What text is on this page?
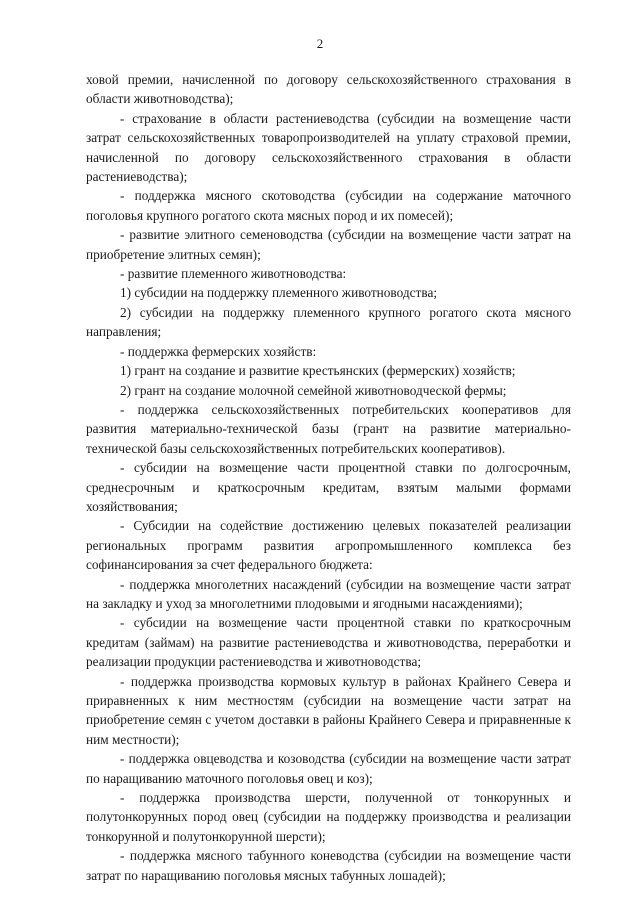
2

ховой премии, начисленной по договору сельскохозяйственного страхования в области животноводства);

- страхование в области растениеводства (субсидии на возмещение части затрат сельскохозяйственных товаропроизводителей на уплату страховой премии, начисленной по договору сельскохозяйственного страхования в области растениеводства);

- поддержка мясного скотоводства (субсидии на содержание маточного поголовья крупного рогатого скота мясных пород и их помесей);

- развитие элитного семеноводства (субсидии на возмещение части затрат на приобретение элитных семян);

- развитие племенного животноводства:

1) субсидии на поддержку племенного животноводства;

2) субсидии на поддержку племенного крупного рогатого скота мясного направления;

- поддержка фермерских хозяйств:

1) грант на создание и развитие крестьянских (фермерских) хозяйств;

2) грант на создание молочной семейной животноводческой фермы;

- поддержка сельскохозяйственных потребительских кооперативов для развития материально-технической базы (грант на развитие материально-технической базы сельскохозяйственных потребительских кооперативов).

- субсидии на возмещение части процентной ставки по долгосрочным, среднесрочным и краткосрочным кредитам, взятым малыми формами хозяйствования;

- Субсидии на содействие достижению целевых показателей реализации региональных программ развития агропромышленного комплекса без софинансирования за счет федерального бюджета:

- поддержка многолетних насаждений (субсидии на возмещение части затрат на закладку и уход за многолетними плодовыми и ягодными насаждениями);

- субсидии на возмещение части процентной ставки по краткосрочным кредитам (займам) на развитие растениеводства и животноводства, переработки и реализации продукции растениеводства и животноводства;

- поддержка производства кормовых культур в районах Крайнего Севера и приравненных к ним местностям (субсидии на возмещение части затрат на приобретение семян с учетом доставки в районы Крайнего Севера и приравненные к ним местности);

- поддержка овцеводства и козоводства (субсидии на возмещение части затрат по наращиванию маточного поголовья овец и коз);

- поддержка производства шерсти, полученной от тонкорунных и полутонкорунных пород овец (субсидии на поддержку производства и реализации тонкорунной и полутонкорунной шерсти);

- поддержка мясного табунного коневодства (субсидии на возмещение части затрат по наращиванию поголовья мясных табунных лошадей);
